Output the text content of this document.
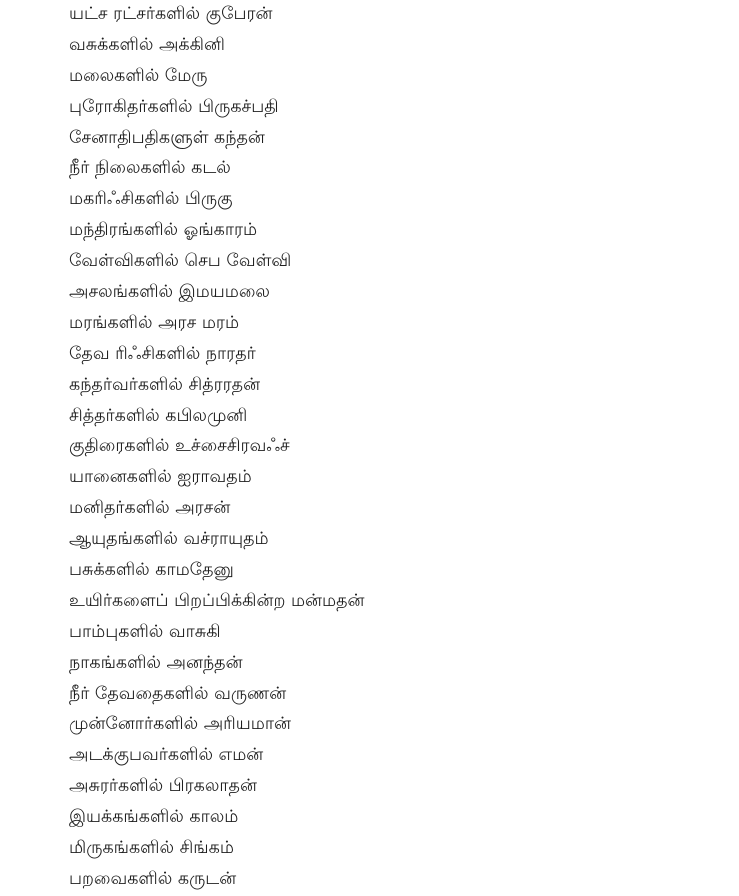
யட்ச ரட்சர்களில் குபேரன்
வசுக்களில் அக்கினி
மலைகளில் மேரு
புரோகிதர்களில் பிருகச்பதி
சேனாதிபதிகளுள் கந்தன்
நீர் நிலைகளில் கடல்
மகரிஃசிகளில் பிருகு
மந்திரங்களில் ஓங்காரம்
வேள்விகளில் செப வேள்வி
அசலங்களில் இமயமலை
மரங்களில் அரச மரம்
தேவ ரிஃசிகளில் நாரதர்
கந்தர்வர்களில் சித்ரரதன்
சித்தர்களில் கபிலமுனி
குதிரைகளில் உச்சைசிரவஃச்
யானைகளில் ஐராவதம்
மனிதர்களில் அரசன்
ஆயுதங்களில் வச்ராயுதம்
பசுக்களில் காமதேனு
உயிர்களைப் பிறப்பிக்கின்ற மன்மதன்
பாம்புகளில் வாசுகி
நாகங்களில் அனந்தன்
நீர் தேவதைகளில் வருணன்
முன்னோர்களில் அரியமான்
அடக்குபவர்களில் எமன்
அசுரர்களில் பிரகலாதன்
இயக்கங்களில் காலம்
மிருகங்களில் சிங்கம்
பறவைகளில் கருடன்
